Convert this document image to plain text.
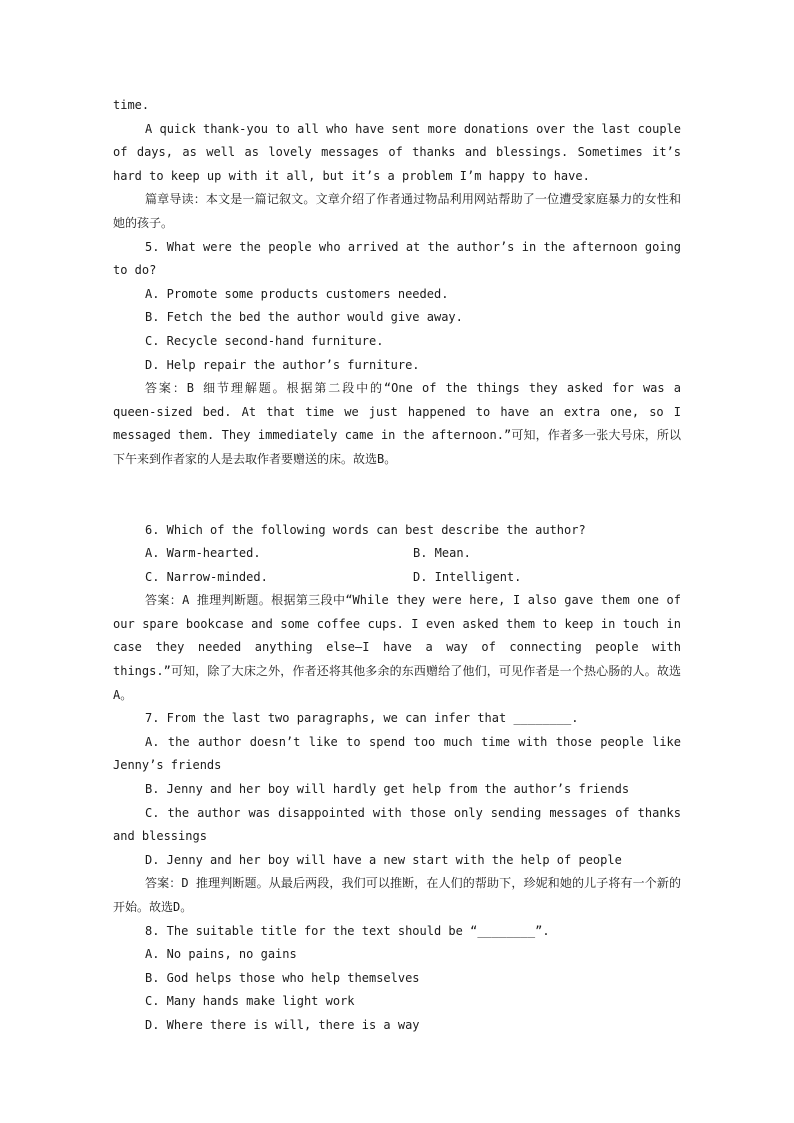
time.

A quick thank-you to all who have sent more donations over the last couple of days, as well as lovely messages of thanks and blessings. Sometimes it’s hard to keep up with it all, but it’s a problem I’m happy to have.

篇章导读：本文是一篇记叙文。文章介绍了作者通过物品利用网站帮助了一位遭受家庭暴力的女性和她的孩子。

5. What were the people who arrived at the author’s in the afternoon going to do?

A. Promote some products customers needed.

B. Fetch the bed the author would give away.

C. Recycle second-hand furniture.

D. Help repair the author’s furniture.

答案：B 细节理解题。根据第二段中的“One of the things they asked for was a queen-sized bed. At that time we just happened to have an extra one, so I messaged them. They immediately came in the afternoon.”可知，作者多一张大号床，所以下午来到作者家的人是去取作者要赠送的床。故选B。

6. Which of the following words can best describe the author?

A. Warm-hearted.	B. Mean.
C. Narrow-minded.	D. Intelligent.

答案：A 推理判断题。根据第三段中“While they were here, I also gave them one of our spare bookcase and some coffee cups. I even asked them to keep in touch in case they needed anything else—I have a way of connecting people with things.”可知，除了大床之外，作者还将其他多余的东西赠给了他们，可见作者是一个热心肠的人。故选A。

7. From the last two paragraphs, we can infer that ________.

A. the author doesn’t like to spend too much time with those people like Jenny’s friends

B. Jenny and her boy will hardly get help from the author’s friends

C. the author was disappointed with those only sending messages of thanks and blessings

D. Jenny and her boy will have a new start with the help of people

答案：D 推理判断题。从最后两段，我们可以推断，在人们的帮助下，珍妮和她的儿子将有一个新的开始。故选D。

8. The suitable title for the text should be “________”.

A. No pains, no gains

B. God helps those who help themselves

C. Many hands make light work

D. Where there is will, there is a way
